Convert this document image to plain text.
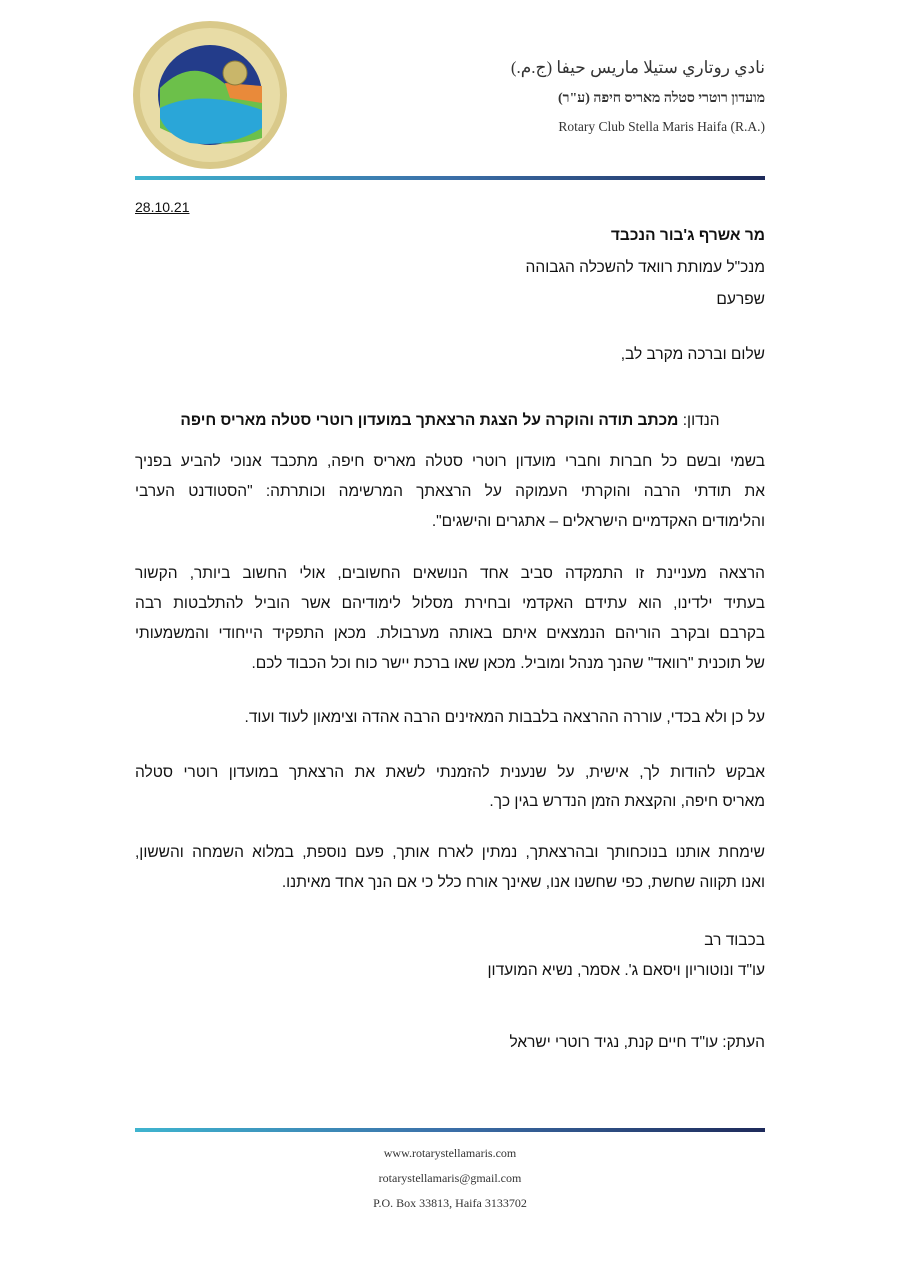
نادي روتاري ستيلا ماريس حيفا (ج.م.)
מועדון רוטרי סטלה מאריס חיפה (ע"ר)
Rotary Club Stella Maris Haifa (R.A.)
28.10.21
מר אשרף ג'בור הנכבד
מנכ"ל עמותת רוואד להשכלה הגבוהה
שפרעם
שלום וברכה מקרב לב,
הנדון: מכתב תודה והוקרה על הצגת הרצאתך במועדון רוטרי סטלה מאריס חיפה
בשמי ובשם כל חברות וחברי מועדון רוטרי סטלה מאריס חיפה, מתכבד אנוכי להביע בפניך
את תודתי הרבה והוקרתי העמוקה על הרצאתך המרשימה וכותרתה: "הסטודנט הערבי
והלימודים האקדמיים הישראלים – אתגרים והישגים".
הרצאה מעניינת זו התמקדה סביב אחד הנושאים החשובים, אולי החשוב ביותר, הקשור
בעתיד ילדינו, הוא עתידם האקדמי ובחירת מסלול לימודיהם אשר הוביל להתלבטות רבה
בקרבם ובקרב הוריהם הנמצאים איתם באותה מערבולת. מכאן התפקיד הייחודי והמשמעותי
של תוכנית "רוואד" שהנך מנהל ומוביל. מכאן שאו ברכת יישר כוח וכל הכבוד לכם.
על כן ולא בכדי, עוררה ההרצאה בלבבות המאזינים הרבה אהדה וצימאון לעוד ועוד.
אבקש להודות לך, אישית, על שנענית להזמנתי לשאת את הרצאתך במועדון רוטרי סטלה
מאריס חיפה, והקצאת הזמן הנדרש בגין כך.
שימחת אותנו בנוכחותך ובהרצאתך, נמתין לארח אותך, פעם נוספת, במלוא השמחה והששון,
ואנו תקווה שחשת, כפי שחשנו אנו, שאינך אורח כלל כי אם הנך אחד מאיתנו.
בכבוד רב
עו"ד ונוטוריון ויסאם ג'. אסמר, נשיא המועדון
העתק: עו"ד חיים קנת, נגיד רוטרי ישראל
www.rotarystellamaris.com
rotarystellamaris@gmail.com
P.O. Box 33813, Haifa 3133702
